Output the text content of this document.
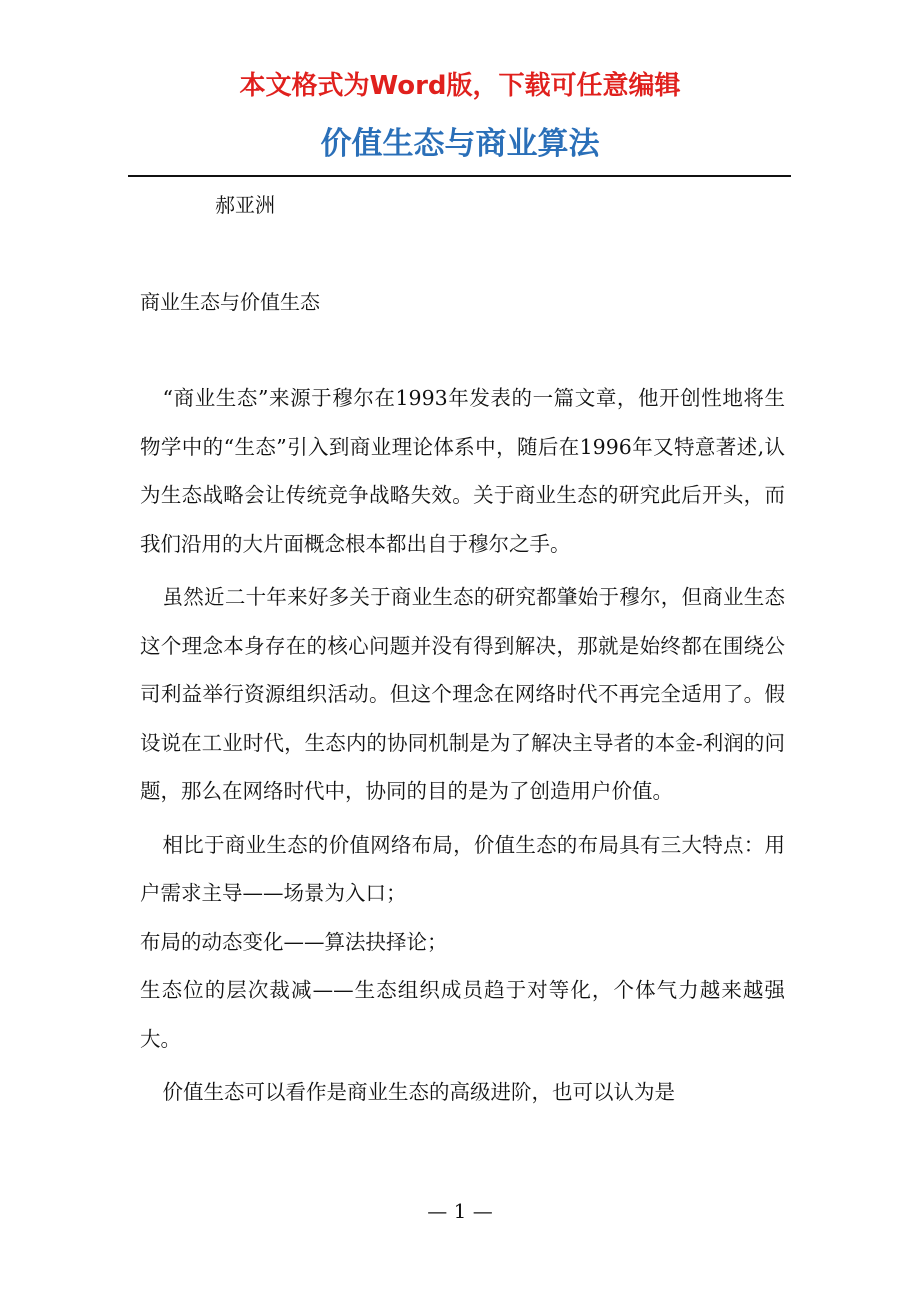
本文格式为Word版，下载可任意编辑
价值生态与商业算法
郝亚洲
商业生态与价值生态

“商业生态”来源于穆尔在1993年发表的一篇文章，他开创性地将生物学中的“生态”引入到商业理论体系中，随后在1996年又特意著述,认为生态战略会让传统竞争战略失效。关于商业生态的研究此后开头，而我们沿用的大片面概念根本都出自于穆尔之手。

虽然近二十年来好多关于商业生态的研究都肇始于穆尔，但商业生态这个理念本身存在的核心问题并没有得到解决，那就是始终都在围绕公司利益举行资源组织活动。但这个理念在网络时代不再完全适用了。假设说在工业时代，生态内的协同机制是为了解决主导者的本金-利润的问题，那么在网络时代中，协同的目的是为了创造用户价值。

相比于商业生态的价值网络布局，价值生态的布局具有三大特点：用户需求主导——场景为入口；

布局的动态变化——算法抉择论；

生态位的层次裁减——生态组织成员趋于对等化，个体气力越来越强大。

价值生态可以看作是商业生态的高级进阶，也可以认为是

— 1 —
